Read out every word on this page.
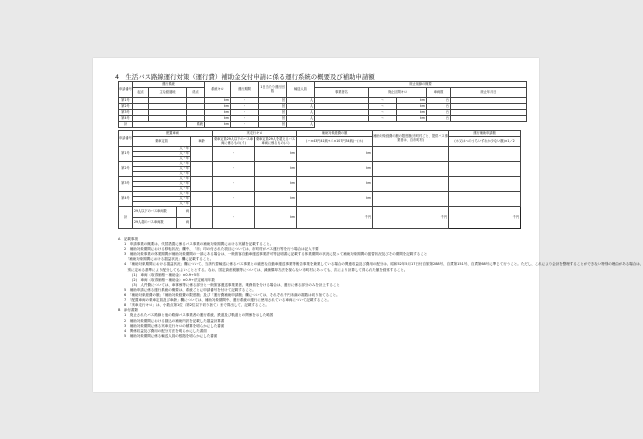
4　生活バス路線運行対策（運行費）補助金交付申請に係る運行系統の概要及び補助申請額
申請番号	運行系統			系統キロ	運行期間	1日当たり運行回数	輸送人員	廃止前線の概要				
	起点	主な経過地	終点					事業者名	廃止区間キロ		車両数	廃止年月日
第1号				km	・	回	人		～	km	台	
第2号				km	・	回	人		～	km	台	
第3号				km	・	回	人		～	km	台	
第4号				km	・	回	人		～	km	台	
計			系統	km	・	回	人					
申請番号	配置車両			実走行キロ		補助対象経費の額	補助対象経費の額の限度額(市町村ごと、提供バス事業者は、自市町村)	運行補助申請額
	乗車定員		車齢	乗車定員29人以下のバス車両に係るもの(イ)	乗車定員29人を超えるバス車両に係るもの(ニ)	(ハ×43円41銭+ニ×107円34銭)－(ホ)		(ホ又はヘのうちいずれか少ない額)×1／2
第1号	人・年			・	km	km		
	人・年							
	人・年							
第2号	人・年			・	km	km		
	人・年							
	人・年							
第3号	人・年			・	km	km		
	人・年							
	人・年							
第4号	人・年			・	km	km		
	人・年							
	人・年							
計	29人以下のバス車両数	両		・	km	千円	千円	千円
	29人超のバス車両数	両						
A　記載事項
1　申請事業の概要は、代替措置に係るバス事業の補助対象期間における実績を記載すること。
2　補助対象期間における移転状況」欄中、「市」印の付された項目については、市町村がバス運行等を行う場合は記入不要
3　補助対象事業の休業期間が補助対象期間の一部にある場合は、一般旅客自動車運送事業許可等証明書に記載する休業期間の状況に従って補助対象期間の振替状況及びその期間を記載すること
　「補助対象期間における損益状況」欄に記載すること。
4　「補助対象期間における損益状況」欄について、当該代替輸送に係るバス事業との厳密な自動車運送事業等報告事業を兼業している場合の関連収益及び費用の配分は、昭和52年5月17日付自旅第288号、自貨第151号、自貨第68号に準じて行うこと。ただし、これにより会計を整理することができない特別の理由がある場合は、
　別に定める基準により配分してもよいこととする。なお、国定資産税額等については、減価償却方法を採らない市町村にあっても、次により計算して得られた額を経常すること。
(1)　車両（取得価格－補助金）×0.9÷5年
(2)　車両（取得価格－補助金）×0.9÷法定耐用年数
(3)　人件費については、車掌係等に係る部分と一般旅客運送事業業者、乗務員を分ける場合は、運行に係る部分のみを計上すること
5　補助申請に係る運行系統の概要は、系統ごとに申請番号を付けて記載すること。
6　「補助対象経費の額」「補助対象経費の限度額」及び「運行費補助申請額」欄については、それぞれ千円未満の端数は切り捨てること。
7　「配置車両の乗車定員及び車齢」欄については、補助対象期間中、運行系統の運行に使用されている車両について記載すること。
8　「実車走行キロ」は、小数点第1位（第2位以下切り捨て）まで算出して、記載すること。
B　添付書類
1　廃止されたバス路線と他の路線バス事業者の運行系統、鉄道及び軌道との関係を示した略図
2　補助対象期間における割込の補助内訳を記載した損益計算書
3　補助対象期間に係る実車走行キロの積算を明らかにした書面
4　関係収益及び費用の配分方法を明らかにした書面
5　補助対象期間に係る輸送人員の根拠を明らかにした書面
